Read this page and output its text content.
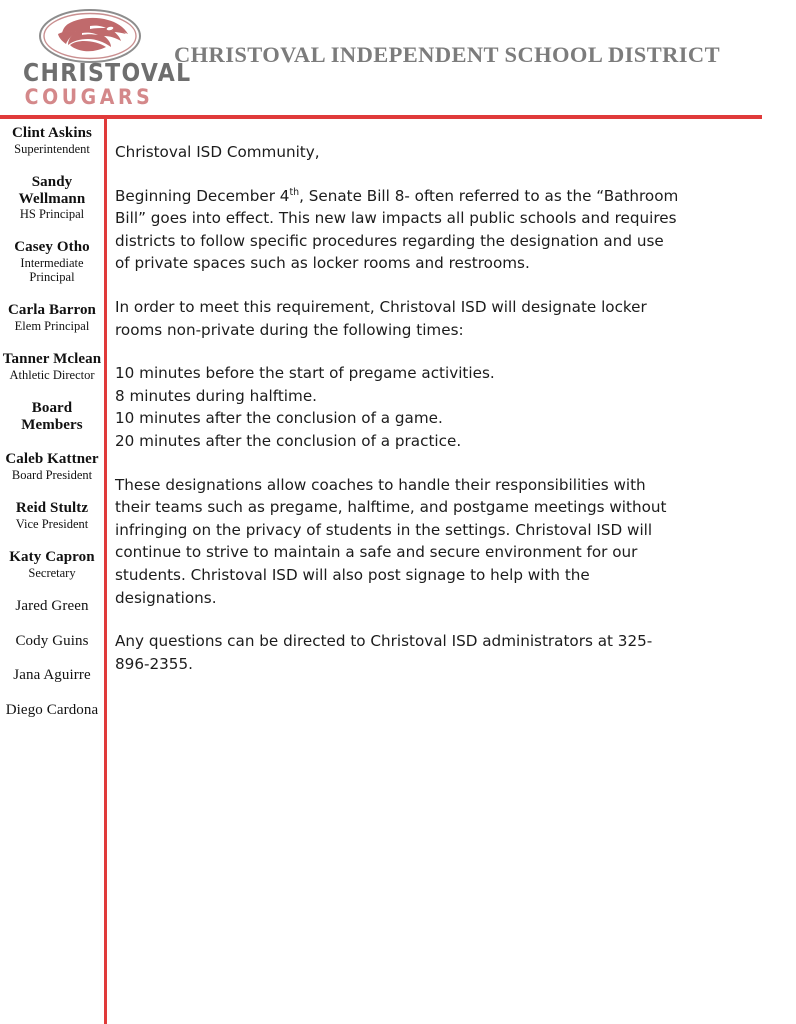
CHRISTOVAL
COUGARS
CHRISTOVAL INDEPENDENT SCHOOL DISTRICT
Clint Askins
Superintendent
Sandy Wellmann
HS Principal
Casey Otho
Intermediate Principal
Carla Barron
Elem Principal
Tanner Mclean
Athletic Director
Board Members
Caleb Kattner
Board President
Reid Stultz
Vice President
Katy Capron
Secretary
Jared Green
Cody Guins
Jana Aguirre
Diego Cardona

Christoval ISD Community,

Beginning December 4th, Senate Bill 8- often referred to as the “Bathroom Bill” goes into effect. This new law impacts all public schools and requires districts to follow specific procedures regarding the designation and use of private spaces such as locker rooms and restrooms.

In order to meet this requirement, Christoval ISD will designate locker rooms non-private during the following times:

10 minutes before the start of pregame activities.
8 minutes during halftime.
10 minutes after the conclusion of a game.
20 minutes after the conclusion of a practice.

These designations allow coaches to handle their responsibilities with their teams such as pregame, halftime, and postgame meetings without infringing on the privacy of students in the settings. Christoval ISD will continue to strive to maintain a safe and secure environment for our students. Christoval ISD will also post signage to help with the designations.

Any questions can be directed to Christoval ISD administrators at 325-896-2355.
